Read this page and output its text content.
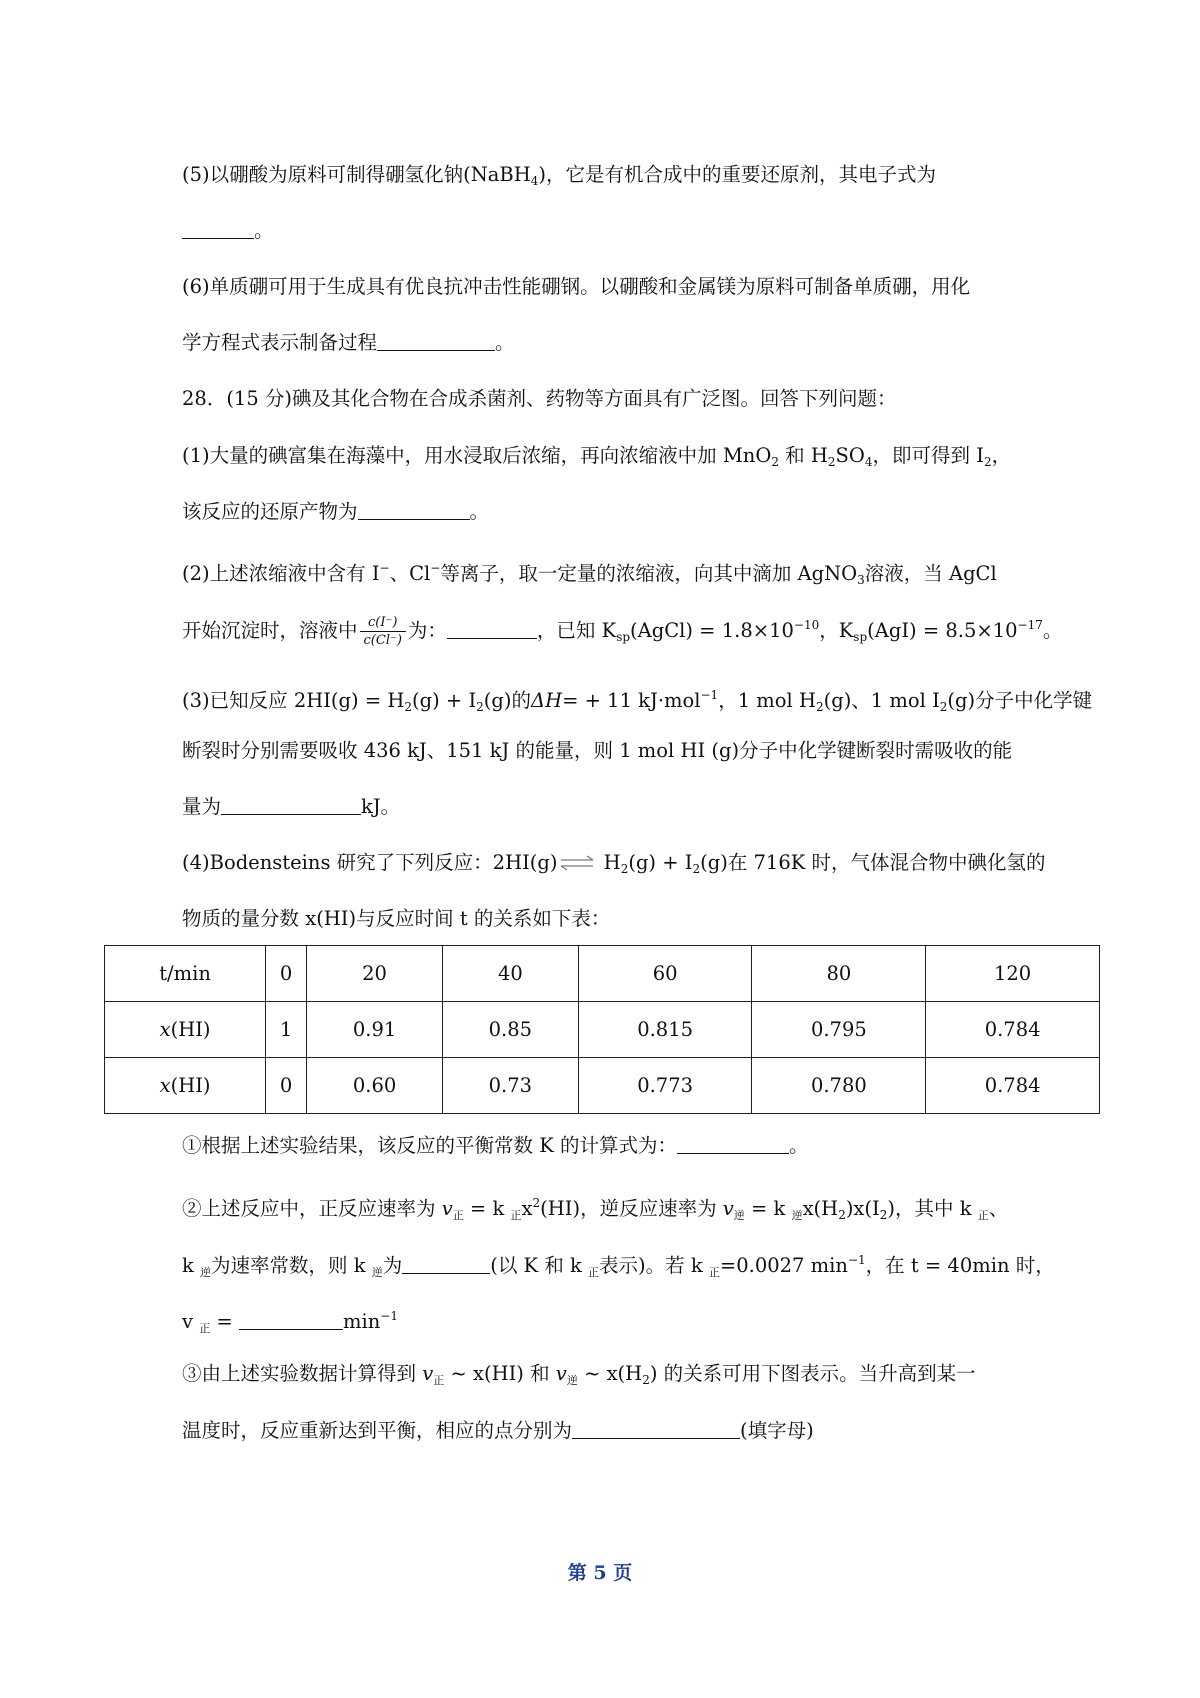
(5)以硼酸为原料可制得硼氢化钠(NaBH$_4$)，它是有机合成中的重要还原剂，其电子式为
。
(6)单质硼可用于生成具有优良抗冲击性能硼钢。以硼酸和金属镁为原料可制备单质硼，用化
学方程式表示制备过程	。
28．(15 分)碘及其化合物在合成杀菌剂、药物等方面具有广泛图。回答下列问题：
(1)大量的碘富集在海藻中，用水浸取后浓缩，再向浓缩液中加 MnO$_2$ 和 $H_2SO_4$，即可得到 $I_2$，
该反应的还原产物为	。
(2)上述浓缩液中含有 I−、Cl−等离子，取一定量的浓缩液，向其中滴加 AgNO$_3$溶液，当 AgCl
开始沉淀时，溶液中 $\frac{c(I^-)}{c(Cl^-)}$ 为：	，已知 $K_{sp}(AgCl) = 1.8\times 10^{-10}$，$K_{sp}(AgI) = 8.5\times 10^{-17}$。
(3)已知反应 $2HI(g) = H_2(g) + I_2(g)$的ΔH= + 11 kJ·mol$^{-1}$，1 mol $H_2(g)$、1 mol $I_2(g)$分子中化学键
断裂时分别需要吸收 436 kJ、151 kJ 的能量，则 1 mol HI (g)分子中化学键断裂时需吸收的能
量为	kJ。
(4)Bodensteins 研究了下列反应：2HI(g)⇌ $H_2(g) + I_2(g)$在 716K 时，气体混合物中碘化氢的
物质的量分数 x(HI)与反应时间 t 的关系如下表：
t/min	0	20	40	60	80	120
x(HI)	1	0.91	0.85	0.815	0.795	0.784
x(HI)	0	0.60	0.73	0.773	0.780	0.784
①根据上述实验结果，该反应的平衡常数 K 的计算式为：	。
②上述反应中，正反应速率为 $v_正 = k$ $_正x^2(HI)$，逆反应速率为 $v_逆 = k$ $_逆x(H_2)x(I_2)$，其中 k $_正$、
k $_逆$为速率常数，则 k $_逆$为	(以 K 和 k $_正$表示)。若 k $_正$=0.0027 $\min^{-1}$，在 t = 40min 时，
v $_正$ =	$\min^{-1}$
③由上述实验数据计算得到 $v_正$ ~ x(HI) 和 $v_逆$ ~ $x(H_2)$ 的关系可用下图表示。当升高到某一
温度时，反应重新达到平衡，相应的点分别为	(填字母)
第 5 页
